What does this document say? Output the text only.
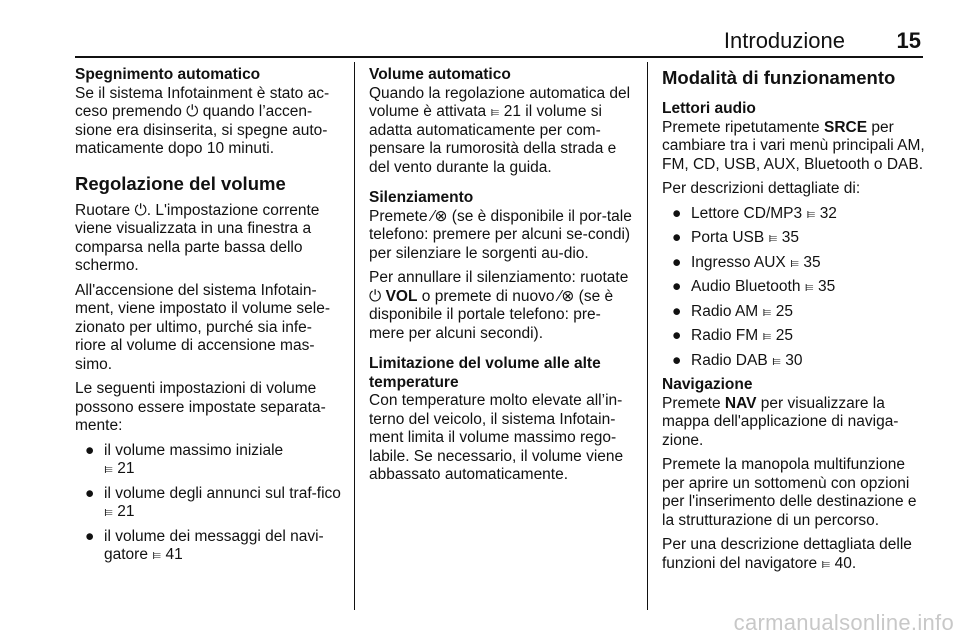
Introduzione 15
Spegnimento automatico

Se il sistema Infotainment è stato ac-ceso premendo ⏻ quando l’accen-sione era disinserita, si spegne auto-maticamente dopo 10 minuti.

Regolazione del volume

Ruotare ⏻. L'impostazione corrente viene visualizzata in una finestra a comparsa nella parte bassa dello schermo.

All'accensione del sistema Infotain-ment, viene impostato il volume sele-zionato per ultimo, purché sia infe-riore al volume di accensione mas-simo.

Le seguenti impostazioni di volume possono essere impostate separata-mente:

● il volume massimo iniziale
⫢ 21
● il volume degli annunci sul traf-fico ⫢ 21
● il volume dei messaggi del navi-gatore ⫢ 41
Volume automatico

Quando la regolazione automatica del volume è attivata ⫢ 21 il volume si adatta automaticamente per com-pensare la rumorosità della strada e del vento durante la guida.

Silenziamento

Premete ⁄⊗ (se è disponibile il por-tale telefono: premere per alcuni se-condi) per silenziare le sorgenti au-dio.

Per annullare il silenziamento: ruotate ⏻ VOL o premete di nuovo ⁄⊗ (se è disponibile il portale telefono: pre-mere per alcuni secondi).

Limitazione del volume alle alte temperature

Con temperature molto elevate all’in-terno del veicolo, il sistema Infotain-ment limita il volume massimo rego-labile. Se necessario, il volume viene abbassato automaticamente.

Modalità di funzionamento
Lettori audio

Premete ripetutamente SRCE per cambiare tra i vari menù principali AM, FM, CD, USB, AUX, Bluetooth o DAB.

Per descrizioni dettagliate di:

● Lettore CD/MP3 ⫢ 32
● Porta USB ⫢ 35
● Ingresso AUX ⫢ 35
● Audio Bluetooth ⫢ 35
● Radio AM ⫢ 25
● Radio FM ⫢ 25
● Radio DAB ⫢ 30
Navigazione

Premete NAV per visualizzare la mappa dell'applicazione di naviga-zione.

Premete la manopola multifunzione per aprire un sottomenù con opzioni per l'inserimento delle destinazione e la strutturazione di un percorso.

Per una descrizione dettagliata delle funzioni del navigatore ⫢ 40.

carmanualsonline.info
